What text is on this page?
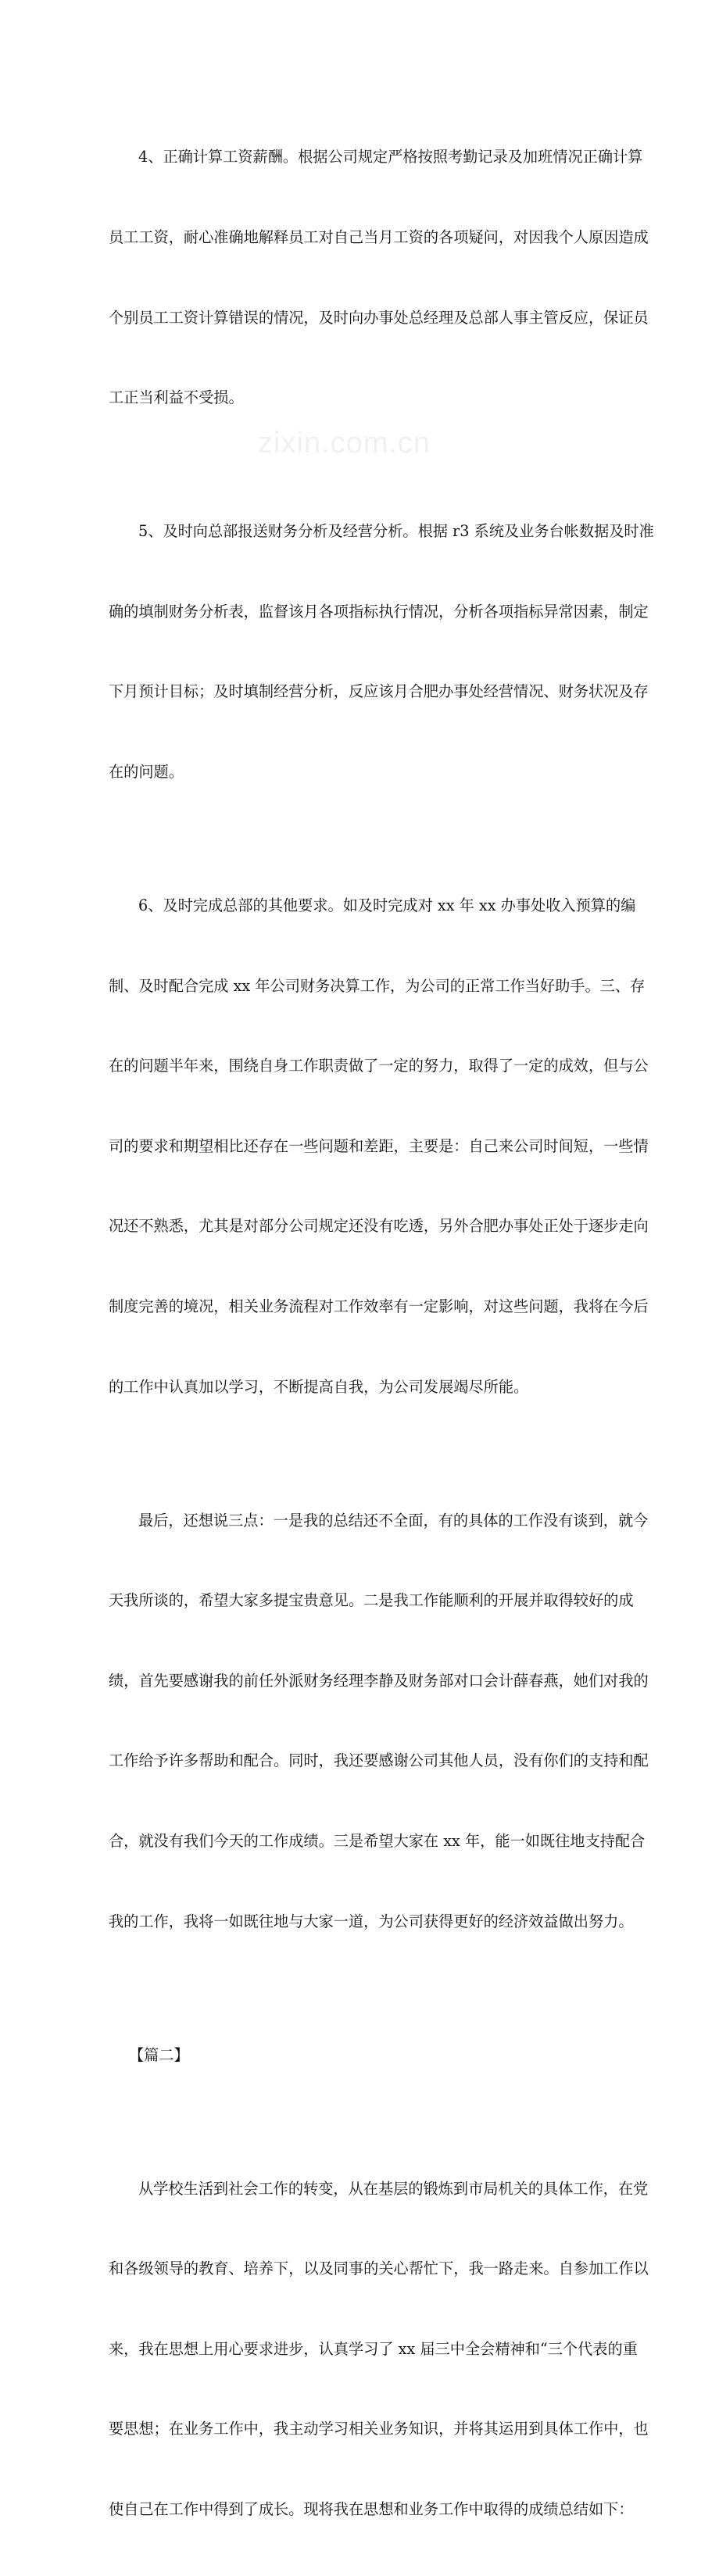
zixin.com.cn

4、正确计算工资薪酬。根据公司规定严格按照考勤记录及加班情况正确计算

员工工资，耐心准确地解释员工对自己当月工资的各项疑问，对因我个人原因造成

个别员工工资计算错误的情况，及时向办事处总经理及总部人事主管反应，保证员

工正当利益不受损。

5、及时向总部报送财务分析及经营分析。根据 r3 系统及业务台帐数据及时准

确的填制财务分析表，监督该月各项指标执行情况，分析各项指标异常因素，制定

下月预计目标；及时填制经营分析，反应该月合肥办事处经营情况、财务状况及存

在的问题。

6、及时完成总部的其他要求。如及时完成对 xx 年 xx 办事处收入预算的编

制、及时配合完成 xx 年公司财务决算工作，为公司的正常工作当好助手。三、存

在的问题半年来，围绕自身工作职责做了一定的努力，取得了一定的成效，但与公

司的要求和期望相比还存在一些问题和差距，主要是：自己来公司时间短，一些情

况还不熟悉，尤其是对部分公司规定还没有吃透，另外合肥办事处正处于逐步走向

制度完善的境况，相关业务流程对工作效率有一定影响，对这些问题，我将在今后

的工作中认真加以学习，不断提高自我，为公司发展竭尽所能。

最后，还想说三点：一是我的总结还不全面，有的具体的工作没有谈到，就今

天我所谈的，希望大家多提宝贵意见。二是我工作能顺利的开展并取得较好的成

绩，首先要感谢我的前任外派财务经理李静及财务部对口会计薛春燕，她们对我的

工作给予许多帮助和配合。同时，我还要感谢公司其他人员，没有你们的支持和配

合，就没有我们今天的工作成绩。三是希望大家在 xx 年，能一如既往地支持配合

我的工作，我将一如既往地与大家一道，为公司获得更好的经济效益做出努力。

【篇二】

从学校生活到社会工作的转变，从在基层的锻炼到市局机关的具体工作，在党

和各级领导的教育、培养下，以及同事的关心帮忙下，我一路走来。自参加工作以

来，我在思想上用心要求进步，认真学习了 xx 届三中全会精神和“三个代表的重

要思想；在业务工作中，我主动学习相关业务知识，并将其运用到具体工作中，也

使自己在工作中得到了成长。现将我在思想和业务工作中取得的成绩总结如下：
